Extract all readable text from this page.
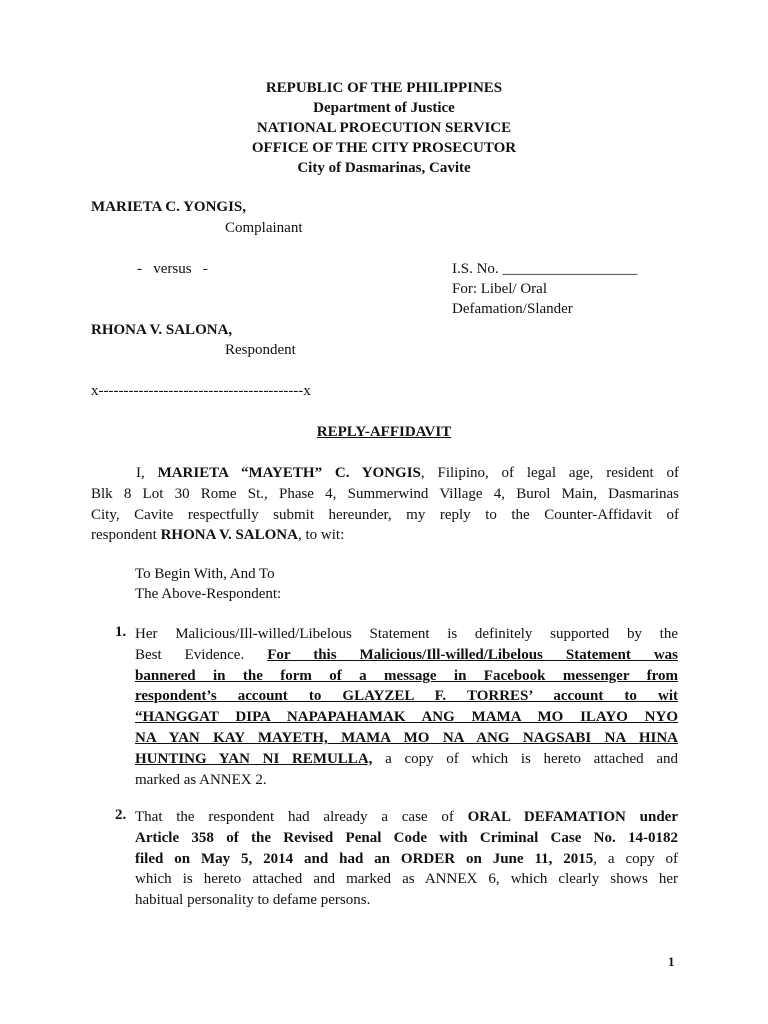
REPUBLIC OF THE PHILIPPINES
Department of Justice
NATIONAL PROECUTION SERVICE
OFFICE OF THE CITY PROSECUTOR
City of Dasmarinas, Cavite
MARIETA C. YONGIS,
Complainant
-   versus   -	I.S. No. __________________
For: Libel/ Oral
Defamation/Slander
RHONA V. SALONA,
Respondent
x-----------------------------------------x
REPLY-AFFIDAVIT
I, MARIETA “MAYETH” C. YONGIS, Filipino, of legal age, resident of
Blk 8 Lot 30 Rome St., Phase 4, Summerwind Village 4, Burol Main, Dasmarinas
City, Cavite respectfully submit hereunder, my reply to the Counter-Affidavit of
respondent RHONA V. SALONA, to wit:
To Begin With, And To
The Above-Respondent:
1. Her Malicious/Ill-willed/Libelous Statement is definitely supported by the
Best Evidence. For this Malicious/Ill-willed/Libelous Statement was
bannered in the form of a message in Facebook messenger from
respondent’s account to GLAYZEL F. TORRES’ account to wit
“HANGGAT DIPA NAPAPAHAMAK ANG MAMA MO ILAYO NYO
NA YAN KAY MAYETH, MAMA MO NA ANG NAGSABI NA HINA
HUNTING YAN NI REMULLA, a copy of which is hereto attached and
marked as ANNEX 2.
2. That the respondent had already a case of ORAL DEFAMATION under
Article 358 of the Revised Penal Code with Criminal Case No. 14-0182
filed on May 5, 2014 and had an ORDER on June 11, 2015, a copy of
which is hereto attached and marked as ANNEX 6, which clearly shows her
habitual personality to defame persons.
1
